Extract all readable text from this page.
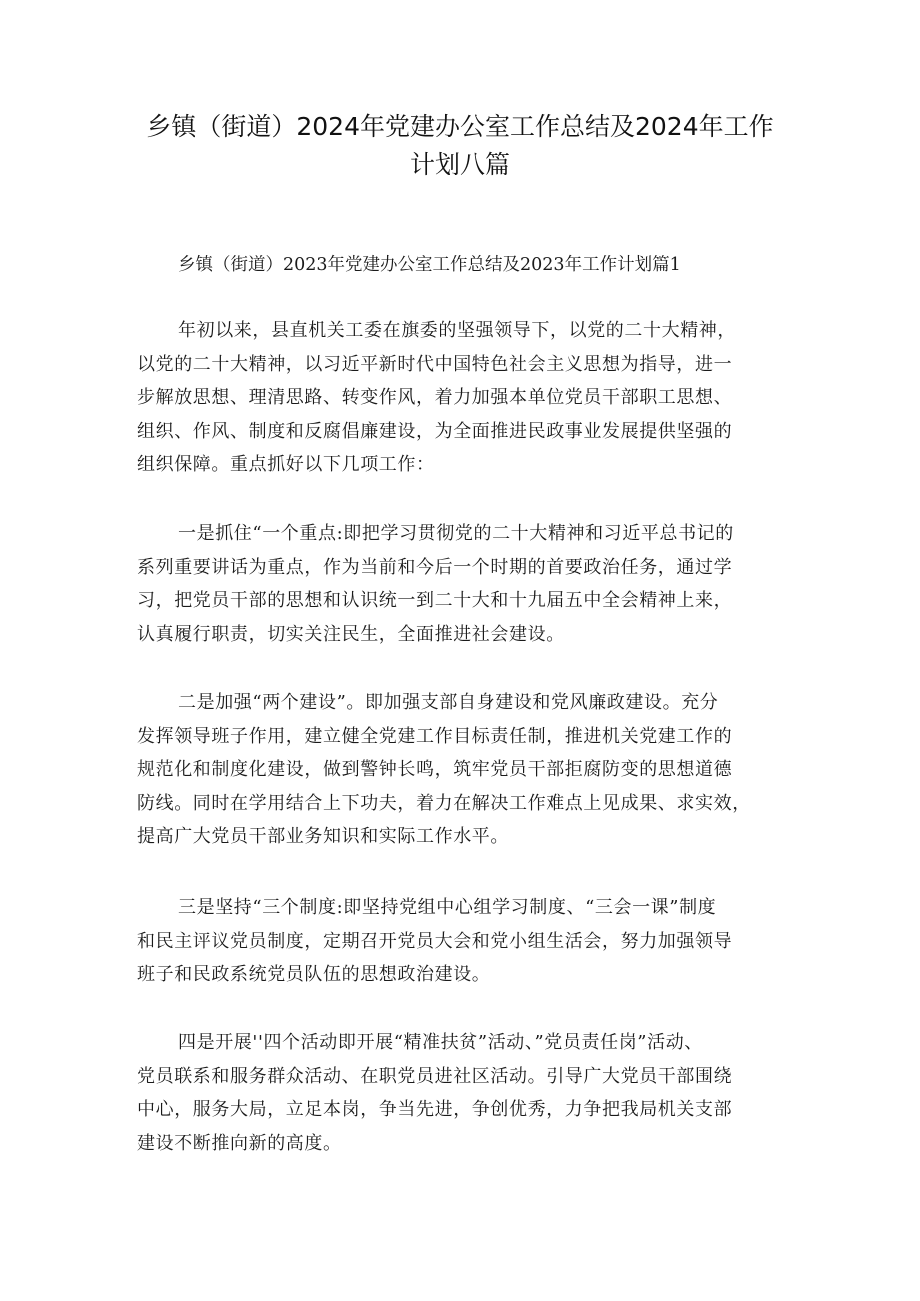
乡镇（街道）2024年党建办公室工作总结及2024年工作
计划八篇
乡镇（街道）2023年党建办公室工作总结及2023年工作计划篇1
年初以来，县直机关工委在旗委的坚强领导下，以党的二十大精神，
以党的二十大精神，以习近平新时代中国特色社会主义思想为指导，进一
步解放思想、理清思路、转变作风，着力加强本单位党员干部职工思想、
组织、作风、制度和反腐倡廉建设，为全面推进民政事业发展提供坚强的
组织保障。重点抓好以下几项工作：
一是抓住“一个重点:即把学习贯彻党的二十大精神和习近平总书记的
系列重要讲话为重点，作为当前和今后一个时期的首要政治任务，通过学
习，把党员干部的思想和认识统一到二十大和十九届五中全会精神上来，
认真履行职责，切实关注民生，全面推进社会建设。
二是加强“两个建设”。即加强支部自身建设和党风廉政建设。充分
发挥领导班子作用，建立健全党建工作目标责任制，推进机关党建工作的
规范化和制度化建设，做到警钟长鸣，筑牢党员干部拒腐防变的思想道德
防线。同时在学用结合上下功夫，着力在解决工作难点上见成果、求实效，
提高广大党员干部业务知识和实际工作水平。
三是坚持“三个制度:即坚持党组中心组学习制度、“三会一课”制度
和民主评议党员制度，定期召开党员大会和党小组生活会，努力加强领导
班子和民政系统党员队伍的思想政治建设。
四是开展''四个活动即开展“精准扶贫”活动、”党员责任岗”活动、
党员联系和服务群众活动、在职党员进社区活动。引导广大党员干部围绕
中心，服务大局，立足本岗，争当先进，争创优秀，力争把我局机关支部
建设不断推向新的高度。
